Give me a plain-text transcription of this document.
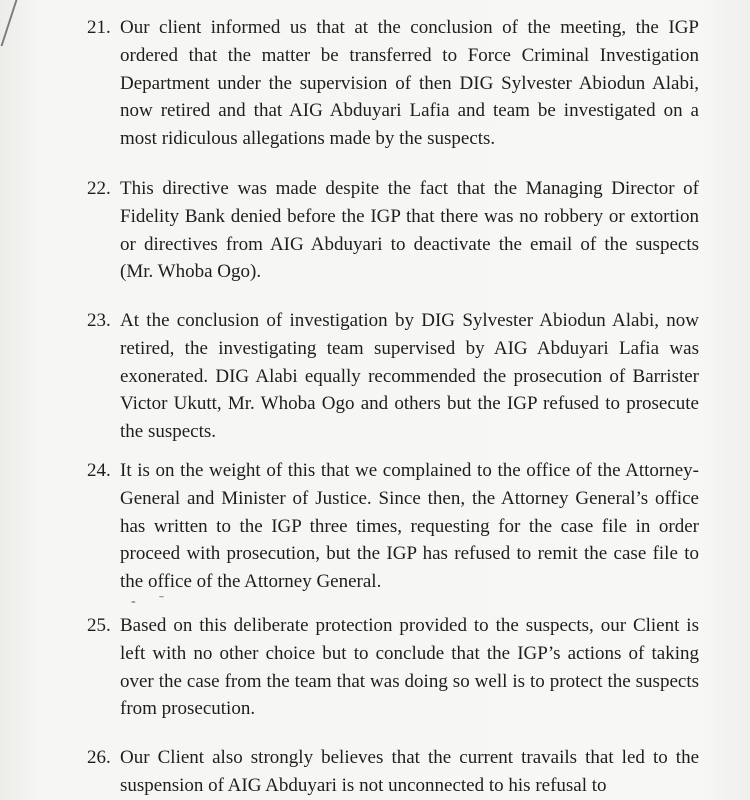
21. Our client informed us that at the conclusion of the meeting, the IGP ordered that the matter be transferred to Force Criminal Investigation Department under the supervision of then DIG Sylvester Abiodun Alabi, now retired and that AIG Abduyari Lafia and team be investigated on a most ridiculous allegations made by the suspects.
22. This directive was made despite the fact that the Managing Director of Fidelity Bank denied before the IGP that there was no robbery or extortion or directives from AIG Abduyari to deactivate the email of the suspects (Mr. Whoba Ogo).
23. At the conclusion of investigation by DIG Sylvester Abiodun Alabi, now retired, the investigating team supervised by AIG Abduyari Lafia was exonerated. DIG Alabi equally recommended the prosecution of Barrister Victor Ukutt, Mr. Whoba Ogo and others but the IGP refused to prosecute the suspects.
24. It is on the weight of this that we complained to the office of the Attorney-General and Minister of Justice. Since then, the Attorney General’s office has written to the IGP three times, requesting for the case file in order proceed with prosecution, but the IGP has refused to remit the case file to the office of the Attorney General.
- ˉ
25. Based on this deliberate protection provided to the suspects, our Client is left with no other choice but to conclude that the IGP’s actions of taking over the case from the team that was doing so well is to protect the suspects from prosecution.
26. Our Client also strongly believes that the current travails that led to the suspension of AIG Abduyari is not unconnected to his refusal to
